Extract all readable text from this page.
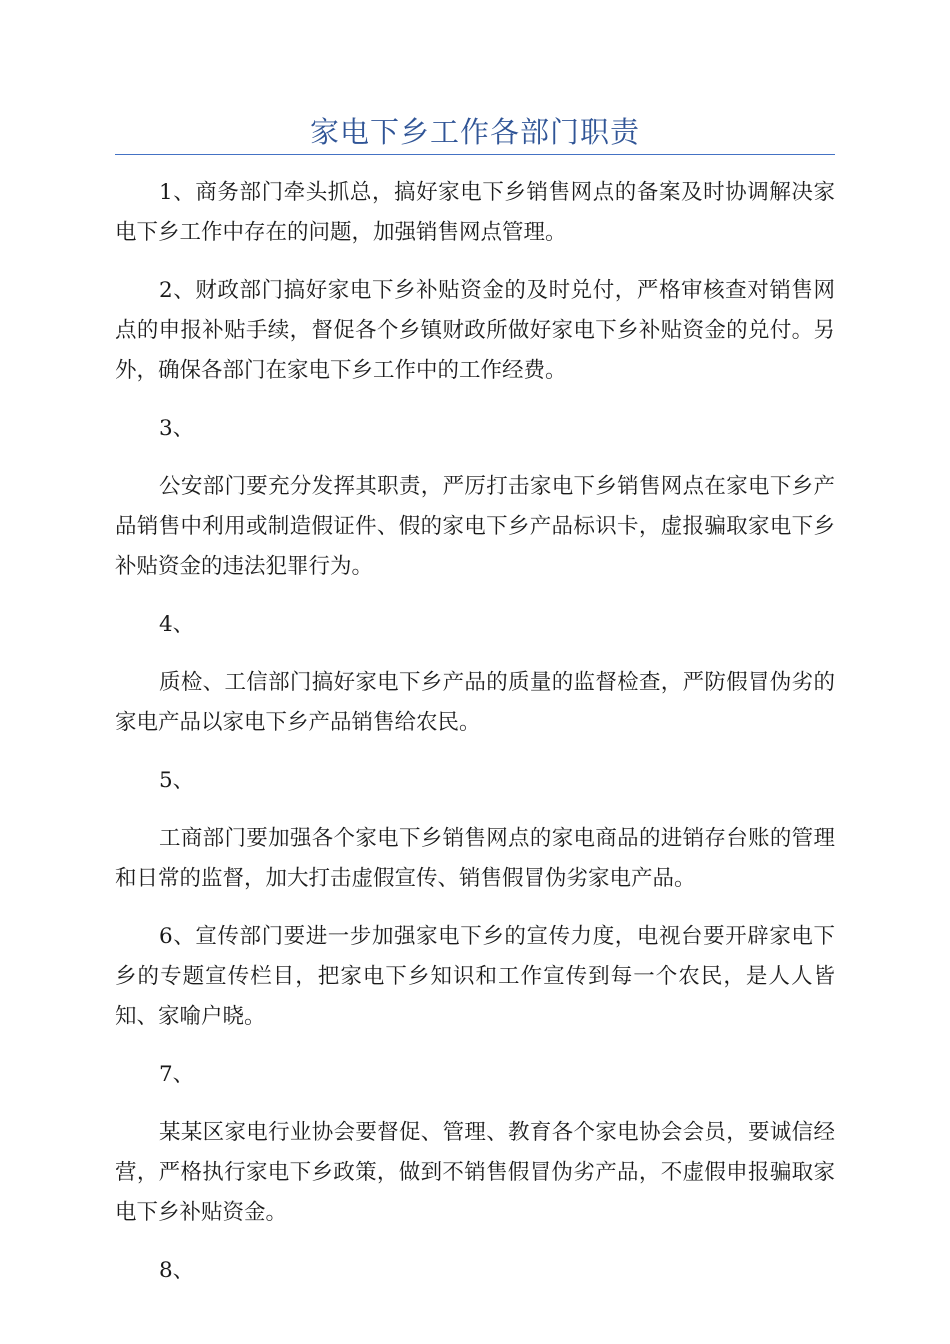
家电下乡工作各部门职责

1、商务部门牵头抓总，搞好家电下乡销售网点的备案及时协调解决家电下乡工作中存在的问题，加强销售网点管理。

2、财政部门搞好家电下乡补贴资金的及时兑付，严格审核查对销售网点的申报补贴手续，督促各个乡镇财政所做好家电下乡补贴资金的兑付。另外，确保各部门在家电下乡工作中的工作经费。

3、

公安部门要充分发挥其职责，严厉打击家电下乡销售网点在家电下乡产品销售中利用或制造假证件、假的家电下乡产品标识卡，虚报骗取家电下乡补贴资金的违法犯罪行为。

4、

质检、工信部门搞好家电下乡产品的质量的监督检查，严防假冒伪劣的家电产品以家电下乡产品销售给农民。

5、

工商部门要加强各个家电下乡销售网点的家电商品的进销存台账的管理和日常的监督，加大打击虚假宣传、销售假冒伪劣家电产品。

6、宣传部门要进一步加强家电下乡的宣传力度，电视台要开辟家电下乡的专题宣传栏目，把家电下乡知识和工作宣传到每一个农民，是人人皆知、家喻户晓。

7、

某某区家电行业协会要督促、管理、教育各个家电协会会员，要诚信经营，严格执行家电下乡政策，做到不销售假冒伪劣产品，不虚假申报骗取家电下乡补贴资金。

8、
